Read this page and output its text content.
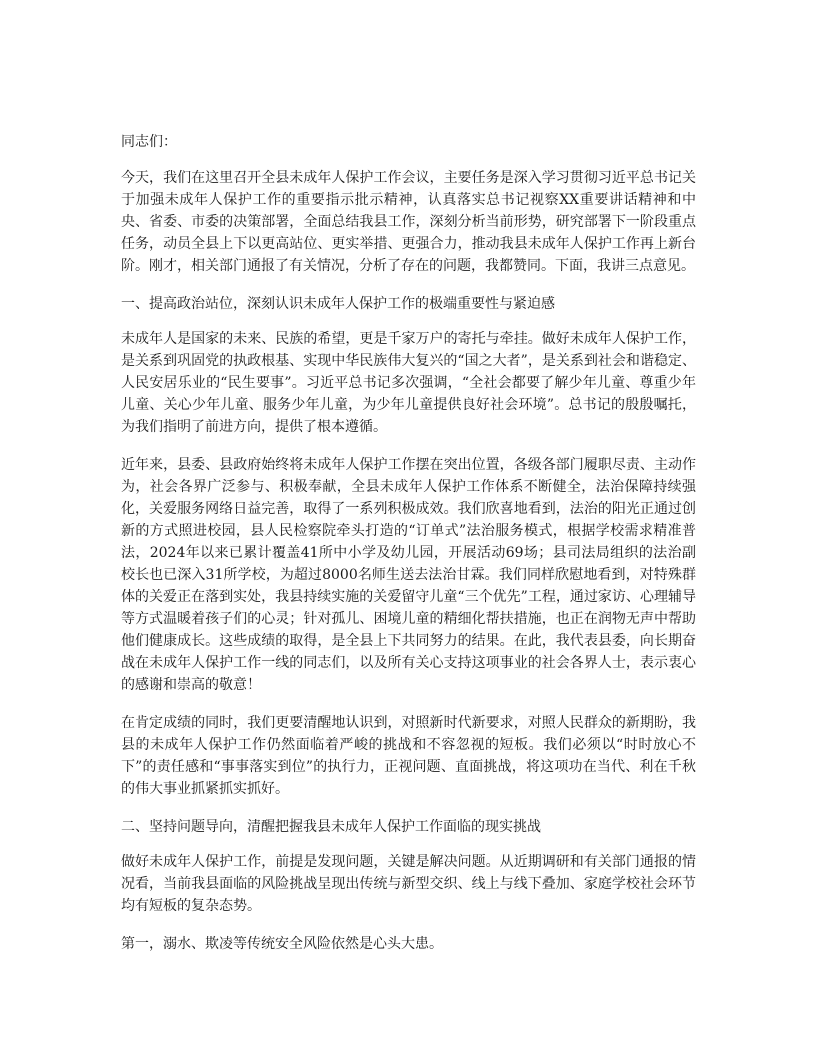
同志们：

今天，我们在这里召开全县未成年人保护工作会议，主要任务是深入学习贯彻习近平总书记关于加强未成年人保护工作的重要指示批示精神，认真落实总书记视察XX重要讲话精神和中央、省委、市委的决策部署，全面总结我县工作，深刻分析当前形势，研究部署下一阶段重点任务，动员全县上下以更高站位、更实举措、更强合力，推动我县未成年人保护工作再上新台阶。刚才，相关部门通报了有关情况，分析了存在的问题，我都赞同。下面，我讲三点意见。

一、提高政治站位，深刻认识未成年人保护工作的极端重要性与紧迫感

未成年人是国家的未来、民族的希望，更是千家万户的寄托与牵挂。做好未成年人保护工作，是关系到巩固党的执政根基、实现中华民族伟大复兴的“国之大者”，是关系到社会和谐稳定、人民安居乐业的“民生要事”。习近平总书记多次强调，“全社会都要了解少年儿童、尊重少年儿童、关心少年儿童、服务少年儿童，为少年儿童提供良好社会环境”。总书记的殷殷嘱托，为我们指明了前进方向，提供了根本遵循。

近年来，县委、县政府始终将未成年人保护工作摆在突出位置，各级各部门履职尽责、主动作为，社会各界广泛参与、积极奉献，全县未成年人保护工作体系不断健全，法治保障持续强化，关爱服务网络日益完善，取得了一系列积极成效。我们欣喜地看到，法治的阳光正通过创新的方式照进校园，县人民检察院牵头打造的“订单式”法治服务模式，根据学校需求精准普法，2024年以来已累计覆盖41所中小学及幼儿园，开展活动69场；县司法局组织的法治副校长也已深入31所学校，为超过8000名师生送去法治甘霖。我们同样欣慰地看到，对特殊群体的关爱正在落到实处，我县持续实施的关爱留守儿童“三个优先”工程，通过家访、心理辅导等方式温暖着孩子们的心灵；针对孤儿、困境儿童的精细化帮扶措施，也正在润物无声中帮助他们健康成长。这些成绩的取得，是全县上下共同努力的结果。在此，我代表县委，向长期奋战在未成年人保护工作一线的同志们，以及所有关心支持这项事业的社会各界人士，表示衷心的感谢和崇高的敬意！

在肯定成绩的同时，我们更要清醒地认识到，对照新时代新要求，对照人民群众的新期盼，我县的未成年人保护工作仍然面临着严峻的挑战和不容忽视的短板。我们必须以“时时放心不下”的责任感和“事事落实到位”的执行力，正视问题、直面挑战，将这项功在当代、利在千秋的伟大事业抓紧抓实抓好。

二、坚持问题导向，清醒把握我县未成年人保护工作面临的现实挑战

做好未成年人保护工作，前提是发现问题，关键是解决问题。从近期调研和有关部门通报的情况看，当前我县面临的风险挑战呈现出传统与新型交织、线上与线下叠加、家庭学校社会环节均有短板的复杂态势。

第一，溺水、欺凌等传统安全风险依然是心头大患。
